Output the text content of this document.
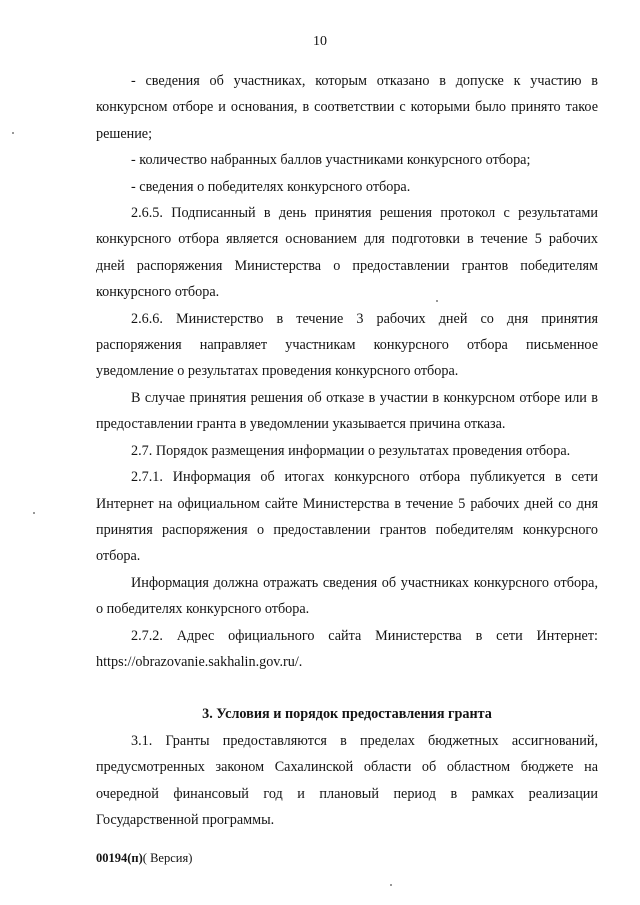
10

- сведения об участниках, которым отказано в допуске к участию в конкурсном отборе и основания, в соответствии с которыми было принято такое решение;

- количество набранных баллов участниками конкурсного отбора;

- сведения о победителях конкурсного отбора.

2.6.5. Подписанный в день принятия решения протокол с результатами конкурсного отбора является основанием для подготовки в течение 5 рабочих дней распоряжения Министерства о предоставлении грантов победителям конкурсного отбора.

2.6.6. Министерство в течение 3 рабочих дней со дня принятия распоряжения направляет участникам конкурсного отбора письменное уведомление о результатах проведения конкурсного отбора.

В случае принятия решения об отказе в участии в конкурсном отборе или в предоставлении гранта в уведомлении указывается причина отказа.

2.7. Порядок размещения информации о результатах проведения отбора.

2.7.1. Информация об итогах конкурсного отбора публикуется в сети Интернет на официальном сайте Министерства в течение 5 рабочих дней со дня принятия распоряжения о предоставлении грантов победителям конкурсного отбора.

Информация должна отражать сведения об участниках конкурсного отбора, о победителях конкурсного отбора.

2.7.2. Адрес официального сайта Министерства в сети Интернет: https://obrazovanie.sakhalin.gov.ru/.

3. Условия и порядок предоставления гранта

3.1. Гранты предоставляются в пределах бюджетных ассигнований, предусмотренных законом Сахалинской области об областном бюджете на очередной финансовый год и плановый период в рамках реализации Государственной программы.

00194(п)( Версия)
